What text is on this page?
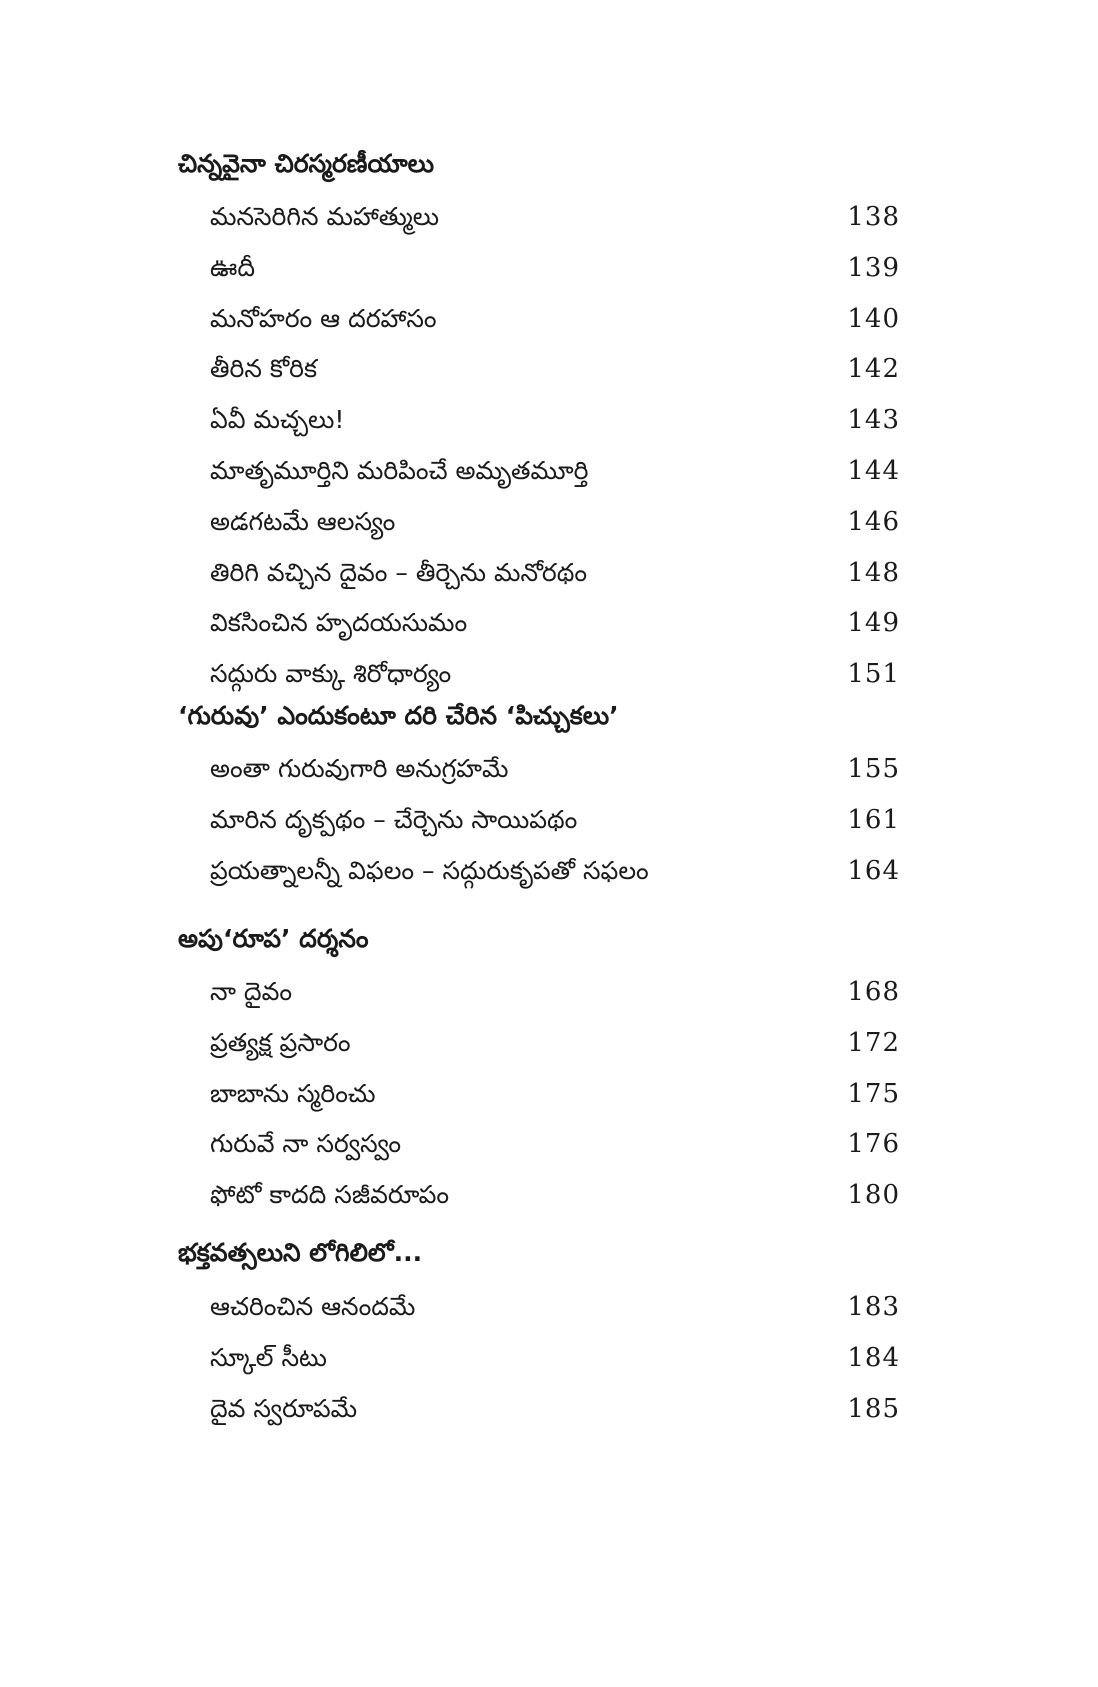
చిన్నవైనా చిరస్మరణీయాలు
మనసెరిగిన మహాత్ములు	138
ఊదీ	139
మనోహరం ఆ దరహాసం	140
తీరిన కోరిక	142
ఏవీ మచ్చలు!	143
మాతృమూర్తిని మరిపించే అమృతమూర్తి	144
అడగటమే ఆలస్యం	146
తిరిగి వచ్చిన దైవం – తీర్చెను మనోరథం	148
వికసించిన హృదయసుమం	149
సద్గురు వాక్కు శిరోధార్యం	151
‘గురువు’ ఎందుకంటూ దరి చేరిన ‘పిచ్చుకలు’
అంతా గురువుగారి అనుగ్రహమే	155
మారిన దృక్పథం – చేర్చెను సాయిపథం	161
ప్రయత్నాలన్నీ విఫలం – సద్గురుకృపతో సఫలం	164
అపు‘రూప’ దర్శనం
నా దైవం	168
ప్రత్యక్ష ప్రసారం	172
బాబాను స్మరించు	175
గురువే నా సర్వస్వం	176
ఫోటో కాదది సజీవరూపం	180
భక్తవత్సలుని లోగిలిలో...
ఆచరించిన ఆనందమే	183
స్కూల్ సీటు	184
దైవ స్వరూపమే	185
